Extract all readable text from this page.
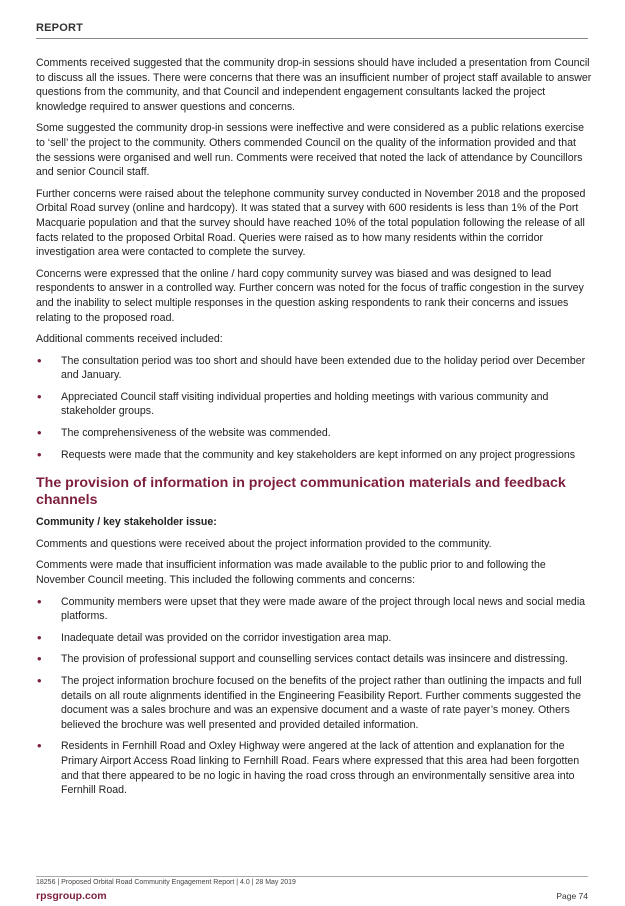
REPORT

Comments received suggested that the community drop-in sessions should have included a presentation from Council to discuss all the issues. There were concerns that there was an insufficient number of project staff available to answer questions from the community, and that Council and independent engagement consultants lacked the project knowledge required to answer questions and concerns.

Some suggested the community drop-in sessions were ineffective and were considered as a public relations exercise to ‘sell’ the project to the community. Others commended Council on the quality of the information provided and that the sessions were organised and well run. Comments were received that noted the lack of attendance by Councillors and senior Council staff.

Further concerns were raised about the telephone community survey conducted in November 2018 and the proposed Orbital Road survey (online and hardcopy). It was stated that a survey with 600 residents is less than 1% of the Port Macquarie population and that the survey should have reached 10% of the total population following the release of all facts related to the proposed Orbital Road. Queries were raised as to how many residents within the corridor investigation area were contacted to complete the survey.

Concerns were expressed that the online / hard copy community survey was biased and was designed to lead respondents to answer in a controlled way. Further concern was noted for the focus of traffic congestion in the survey and the inability to select multiple responses in the question asking respondents to rank their concerns and issues relating to the proposed road.

Additional comments received included:

• The consultation period was too short and should have been extended due to the holiday period over December and January.
• Appreciated Council staff visiting individual properties and holding meetings with various community and stakeholder groups.
• The comprehensiveness of the website was commended.
• Requests were made that the community and key stakeholders are kept informed on any project progressions
The provision of information in project communication materials and feedback channels
Community / key stakeholder issue:

Comments and questions were received about the project information provided to the community.

Comments were made that insufficient information was made available to the public prior to and following the November Council meeting. This included the following comments and concerns:

• Community members were upset that they were made aware of the project through local news and social media platforms.
• Inadequate detail was provided on the corridor investigation area map.
• The provision of professional support and counselling services contact details was insincere and distressing.
• The project information brochure focused on the benefits of the project rather than outlining the impacts and full details on all route alignments identified in the Engineering Feasibility Report. Further comments suggested the document was a sales brochure and was an expensive document and a waste of rate payer’s money. Others believed the brochure was well presented and provided detailed information.
• Residents in Fernhill Road and Oxley Highway were angered at the lack of attention and explanation for the Primary Airport Access Road linking to Fernhill Road. Fears where expressed that this area had been forgotten and that there appeared to be no logic in having the road cross through an environmentally sensitive area into Fernhill Road.
18256 | Proposed Orbital Road Community Engagement Report | 4.0 | 28 May 2019
rpsgroup.com	Page 74
